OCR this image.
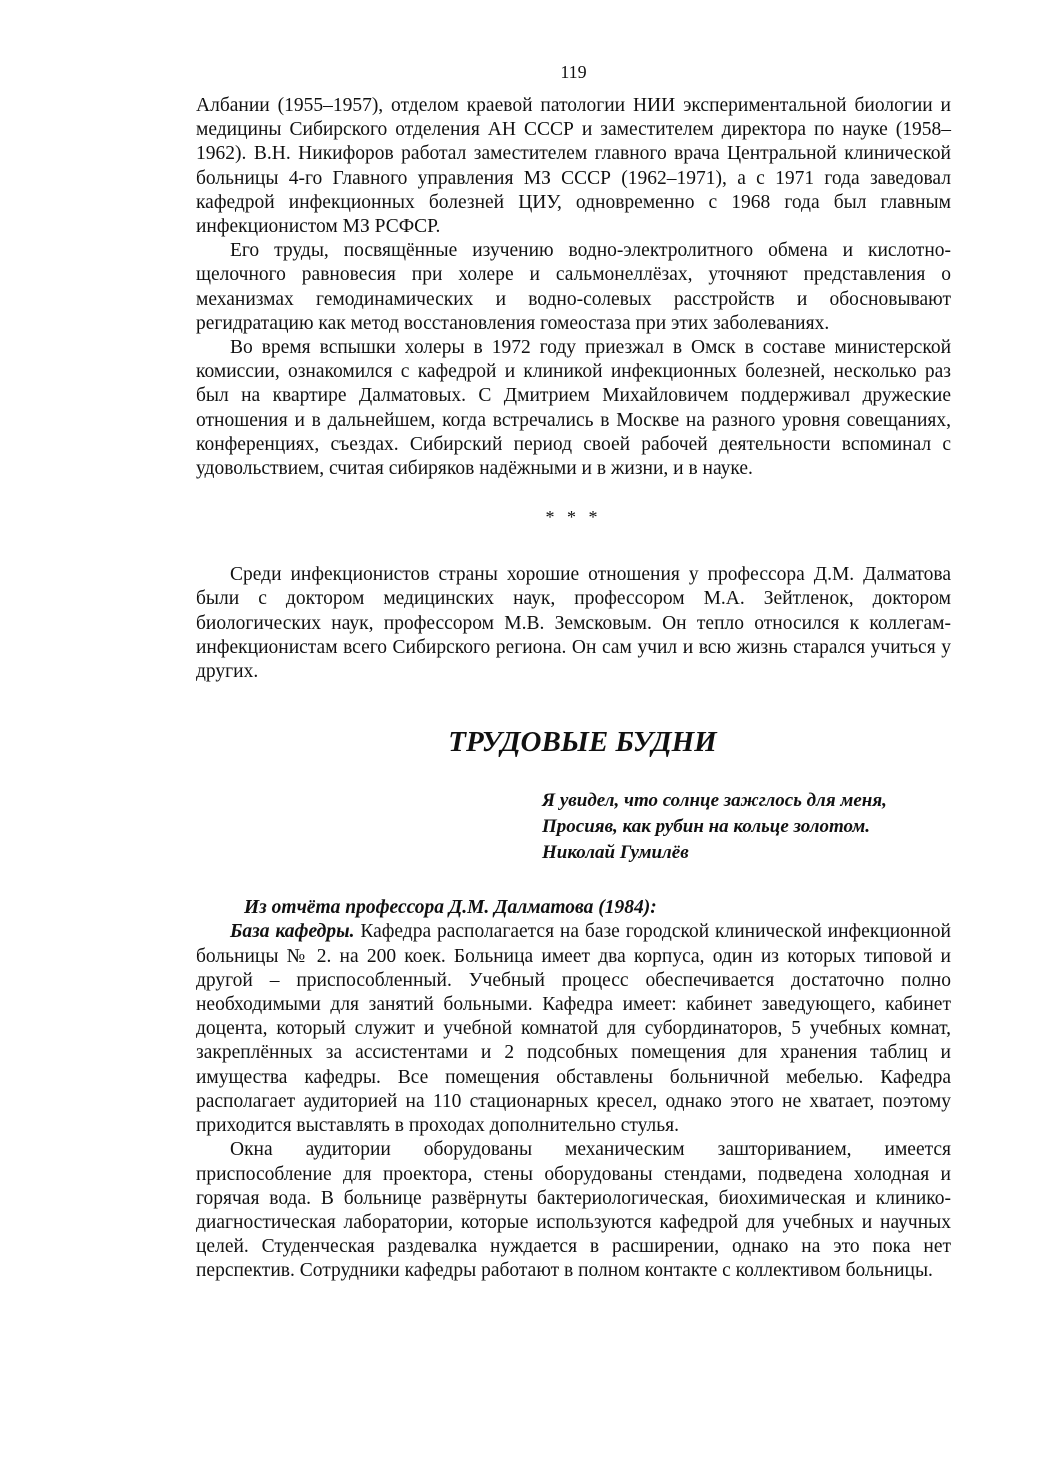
119

Албании (1955–1957), отделом краевой патологии НИИ экспериментальной биологии и медицины Сибирского отделения АН СССР и заместителем директора по науке (1958–1962). В.Н. Никифоров работал заместителем главного врача Центральной клинической больницы 4-го Главного управления МЗ СССР (1962–1971), а с 1971 года заведовал кафедрой инфекционных болезней ЦИУ, одновременно с 1968 года был главным инфекционистом МЗ РСФСР.

Его труды, посвящённые изучению водно-электролитного обмена и кислотно-щелочного равновесия при холере и сальмонеллёзах, уточняют представления о механизмах гемодинамических и водно-солевых расстройств и обосновывают регидратацию как метод восстановления гомеостаза при этих заболеваниях.

Во время вспышки холеры в 1972 году приезжал в Омск в составе министерской комиссии, ознакомился с кафедрой и клиникой инфекционных болезней, несколько раз был на квартире Далматовых. С Дмитрием Михайловичем поддерживал дружеские отношения и в дальнейшем, когда встречались в Москве на разного уровня совещаниях, конференциях, съездах. Сибирский период своей рабочей деятельности вспоминал с удовольствием, считая сибиряков надёжными и в жизни, и в науке.

* * *

Среди инфекционистов страны хорошие отношения у профессора Д.М. Далматова были с доктором медицинских наук, профессором М.А. Зейтленок, доктором биологических наук, профессором М.В. Земсковым. Он тепло относился к коллегам-инфекционистам всего Сибирского региона. Он сам учил и всю жизнь старался учиться у других.

ТРУДОВЫЕ БУДНИ
Я увидел, что солнце зажглось для меня,
Просияв, как рубин на кольце золотом.
Николай Гумилёв
Из отчёта профессора Д.М. Далматова (1984):

База кафедры. Кафедра располагается на базе городской клинической инфекционной больницы № 2. на 200 коек. Больница имеет два корпуса, один из которых типовой и другой – приспособленный. Учебный процесс обеспечивается достаточно полно необходимыми для занятий больными. Кафедра имеет: кабинет заведующего, кабинет доцента, который служит и учебной комнатой для субординаторов, 5 учебных комнат, закреплённых за ассистентами и 2 подсобных помещения для хранения таблиц и имущества кафедры. Все помещения обставлены больничной мебелью. Кафедра располагает аудиторией на 110 стационарных кресел, однако этого не хватает, поэтому приходится выставлять в проходах дополнительно стулья.

Окна аудитории оборудованы механическим зашториванием, имеется приспособление для проектора, стены оборудованы стендами, подведена холодная и горячая вода. В больнице развёрнуты бактериологическая, биохимическая и клинико-диагностическая лаборатории, которые используются кафедрой для учебных и научных целей. Студенческая раздевалка нуждается в расширении, однако на это пока нет перспектив. Сотрудники кафедры работают в полном контакте с коллективом больницы.
